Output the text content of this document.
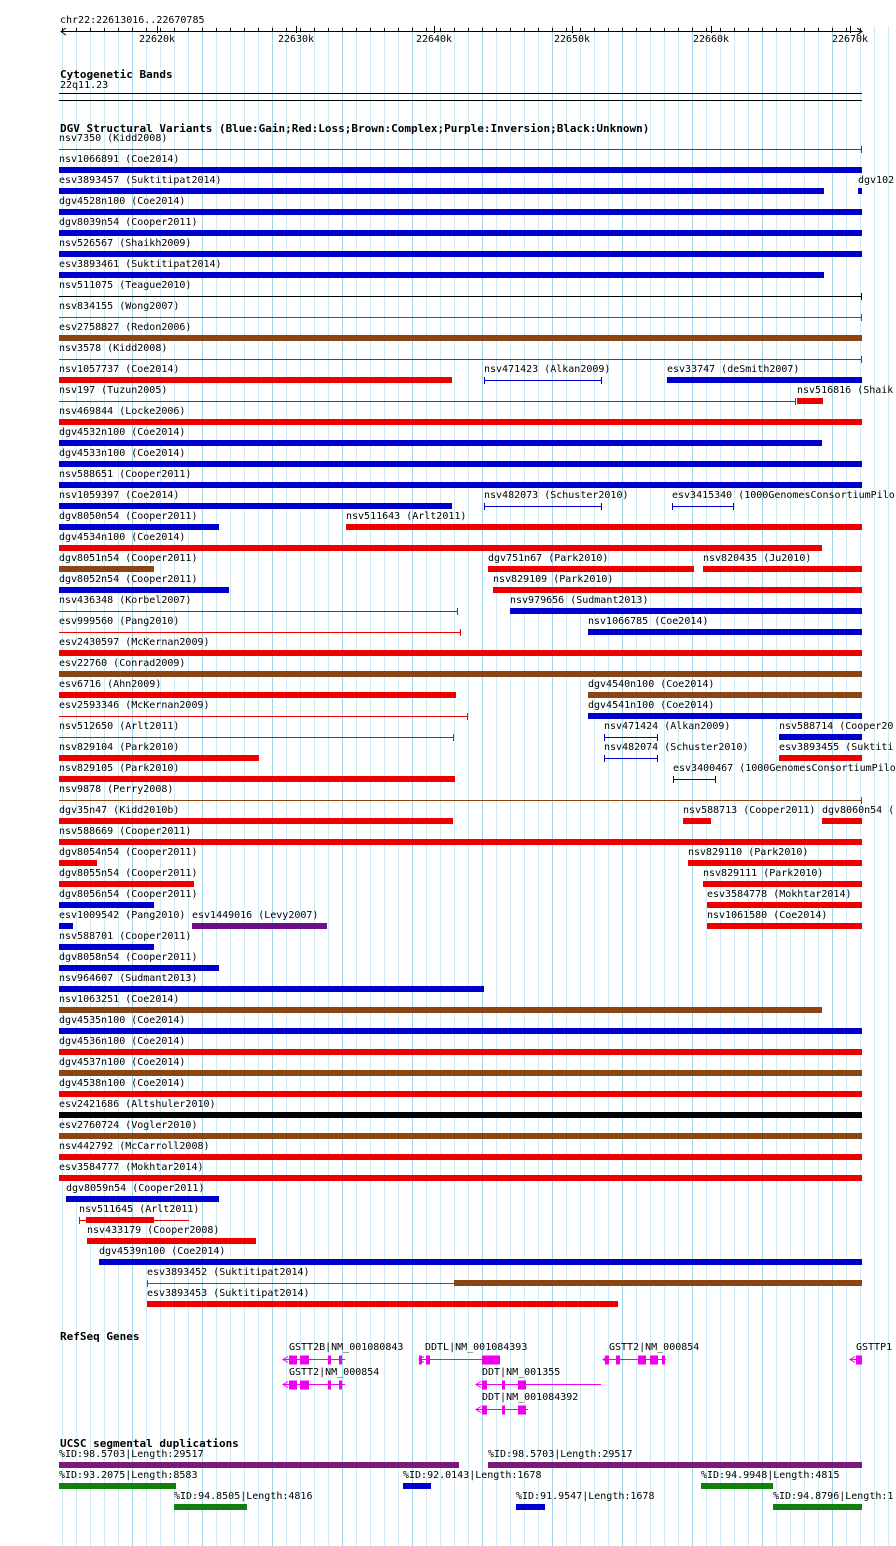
chr22:22613016..22670785
22620k	22630k	22640k	22650k	22660k	22670k
Cytogenetic Bands
22q11.23
DGV Structural Variants (Blue:Gain;Red:Loss;Brown:Complex;Purple:Inversion;Black:Unknown)
RefSeq Genes
UCSC segmental duplications
nsv7350 (Kidd2008)
nsv1066891 (Coe2014)
esv3893457 (Suktitipat2014)	dgv102
dgv4528n100 (Coe2014)
dgv8039n54 (Cooper2011)
nsv526567 (Shaikh2009)
esv3893461 (Suktitipat2014)
nsv511075 (Teague2010)
nsv834155 (Wong2007)
esv2758827 (Redon2006)
nsv3578 (Kidd2008)
nsv1057737 (Coe2014)	nsv471423 (Alkan2009)	esv33747 (deSmith2007)
nsv197 (Tuzun2005)	nsv516816 (Shaik
nsv469844 (Locke2006)
dgv4532n100 (Coe2014)
dgv4533n100 (Coe2014)
nsv588651 (Cooper2011)
nsv1059397 (Coe2014)	nsv482073 (Schuster2010)	esv3415340 (1000GenomesConsortiumPilo
dgv8050n54 (Cooper2011)	nsv511643 (Arlt2011)
dgv4534n100 (Coe2014)
dgv8051n54 (Cooper2011)	dgv751n67 (Park2010)	nsv820435 (Ju2010)
dgv8052n54 (Cooper2011)	nsv829109 (Park2010)
nsv436348 (Korbel2007)	nsv979656 (Sudmant2013)
esv999560 (Pang2010)	nsv1066785 (Coe2014)
esv2430597 (McKernan2009)
esv22760 (Conrad2009)
esv6716 (Ahn2009)	dgv4540n100 (Coe2014)
esv2593346 (McKernan2009)	dgv4541n100 (Coe2014)
nsv512650 (Arlt2011)	nsv471424 (Alkan2009)	nsv588714 (Cooper20
nsv829104 (Park2010)	nsv482074 (Schuster2010)	esv3893455 (Suktiti
nsv829105 (Park2010)	esv3400467 (1000GenomesConsortiumPilo
nsv9878 (Perry2008)
dgv35n47 (Kidd2010b)	nsv588713 (Cooper2011) dgv8060n54 (
nsv588669 (Cooper2011)
dgv8054n54 (Cooper2011)	nsv829110 (Park2010)
dgv8055n54 (Cooper2011)	nsv829111 (Park2010)
dgv8056n54 (Cooper2011)	esv3584778 (Mokhtar2014)
esv1009542 (Pang2010) esv1449016 (Levy2007)	nsv1061580 (Coe2014)
nsv588701 (Cooper2011)
dgv8058n54 (Cooper2011)
nsv964607 (Sudmant2013)
nsv1063251 (Coe2014)
dgv4535n100 (Coe2014)
dgv4536n100 (Coe2014)
dgv4537n100 (Coe2014)
dgv4538n100 (Coe2014)
esv2421686 (Altshuler2010)
esv2760724 (Vogler2010)
nsv442792 (McCarroll2008)
esv3584777 (Mokhtar2014)
dgv8059n54 (Cooper2011)
nsv511645 (Arlt2011)
nsv433179 (Cooper2008)
dgv4539n100 (Coe2014)
esv3893452 (Suktitipat2014)
esv3893453 (Suktitipat2014)
GSTT2B|NM_001080843 DDTL|NM_001084393	GSTT2|NM_000854	GSTTP1
GSTT2|NM_000854	DDT|NM_001355
DDT|NM_001084392
%ID:98.5703|Length:29517	%ID:98.5703|Length:29517
%ID:93.2075|Length:8583	%ID:92.0143|Length:1678	%ID:94.9948|Length:4815
%ID:94.8505|Length:4816	%ID:91.9547|Length:1678	%ID:94.8796|Length:1
